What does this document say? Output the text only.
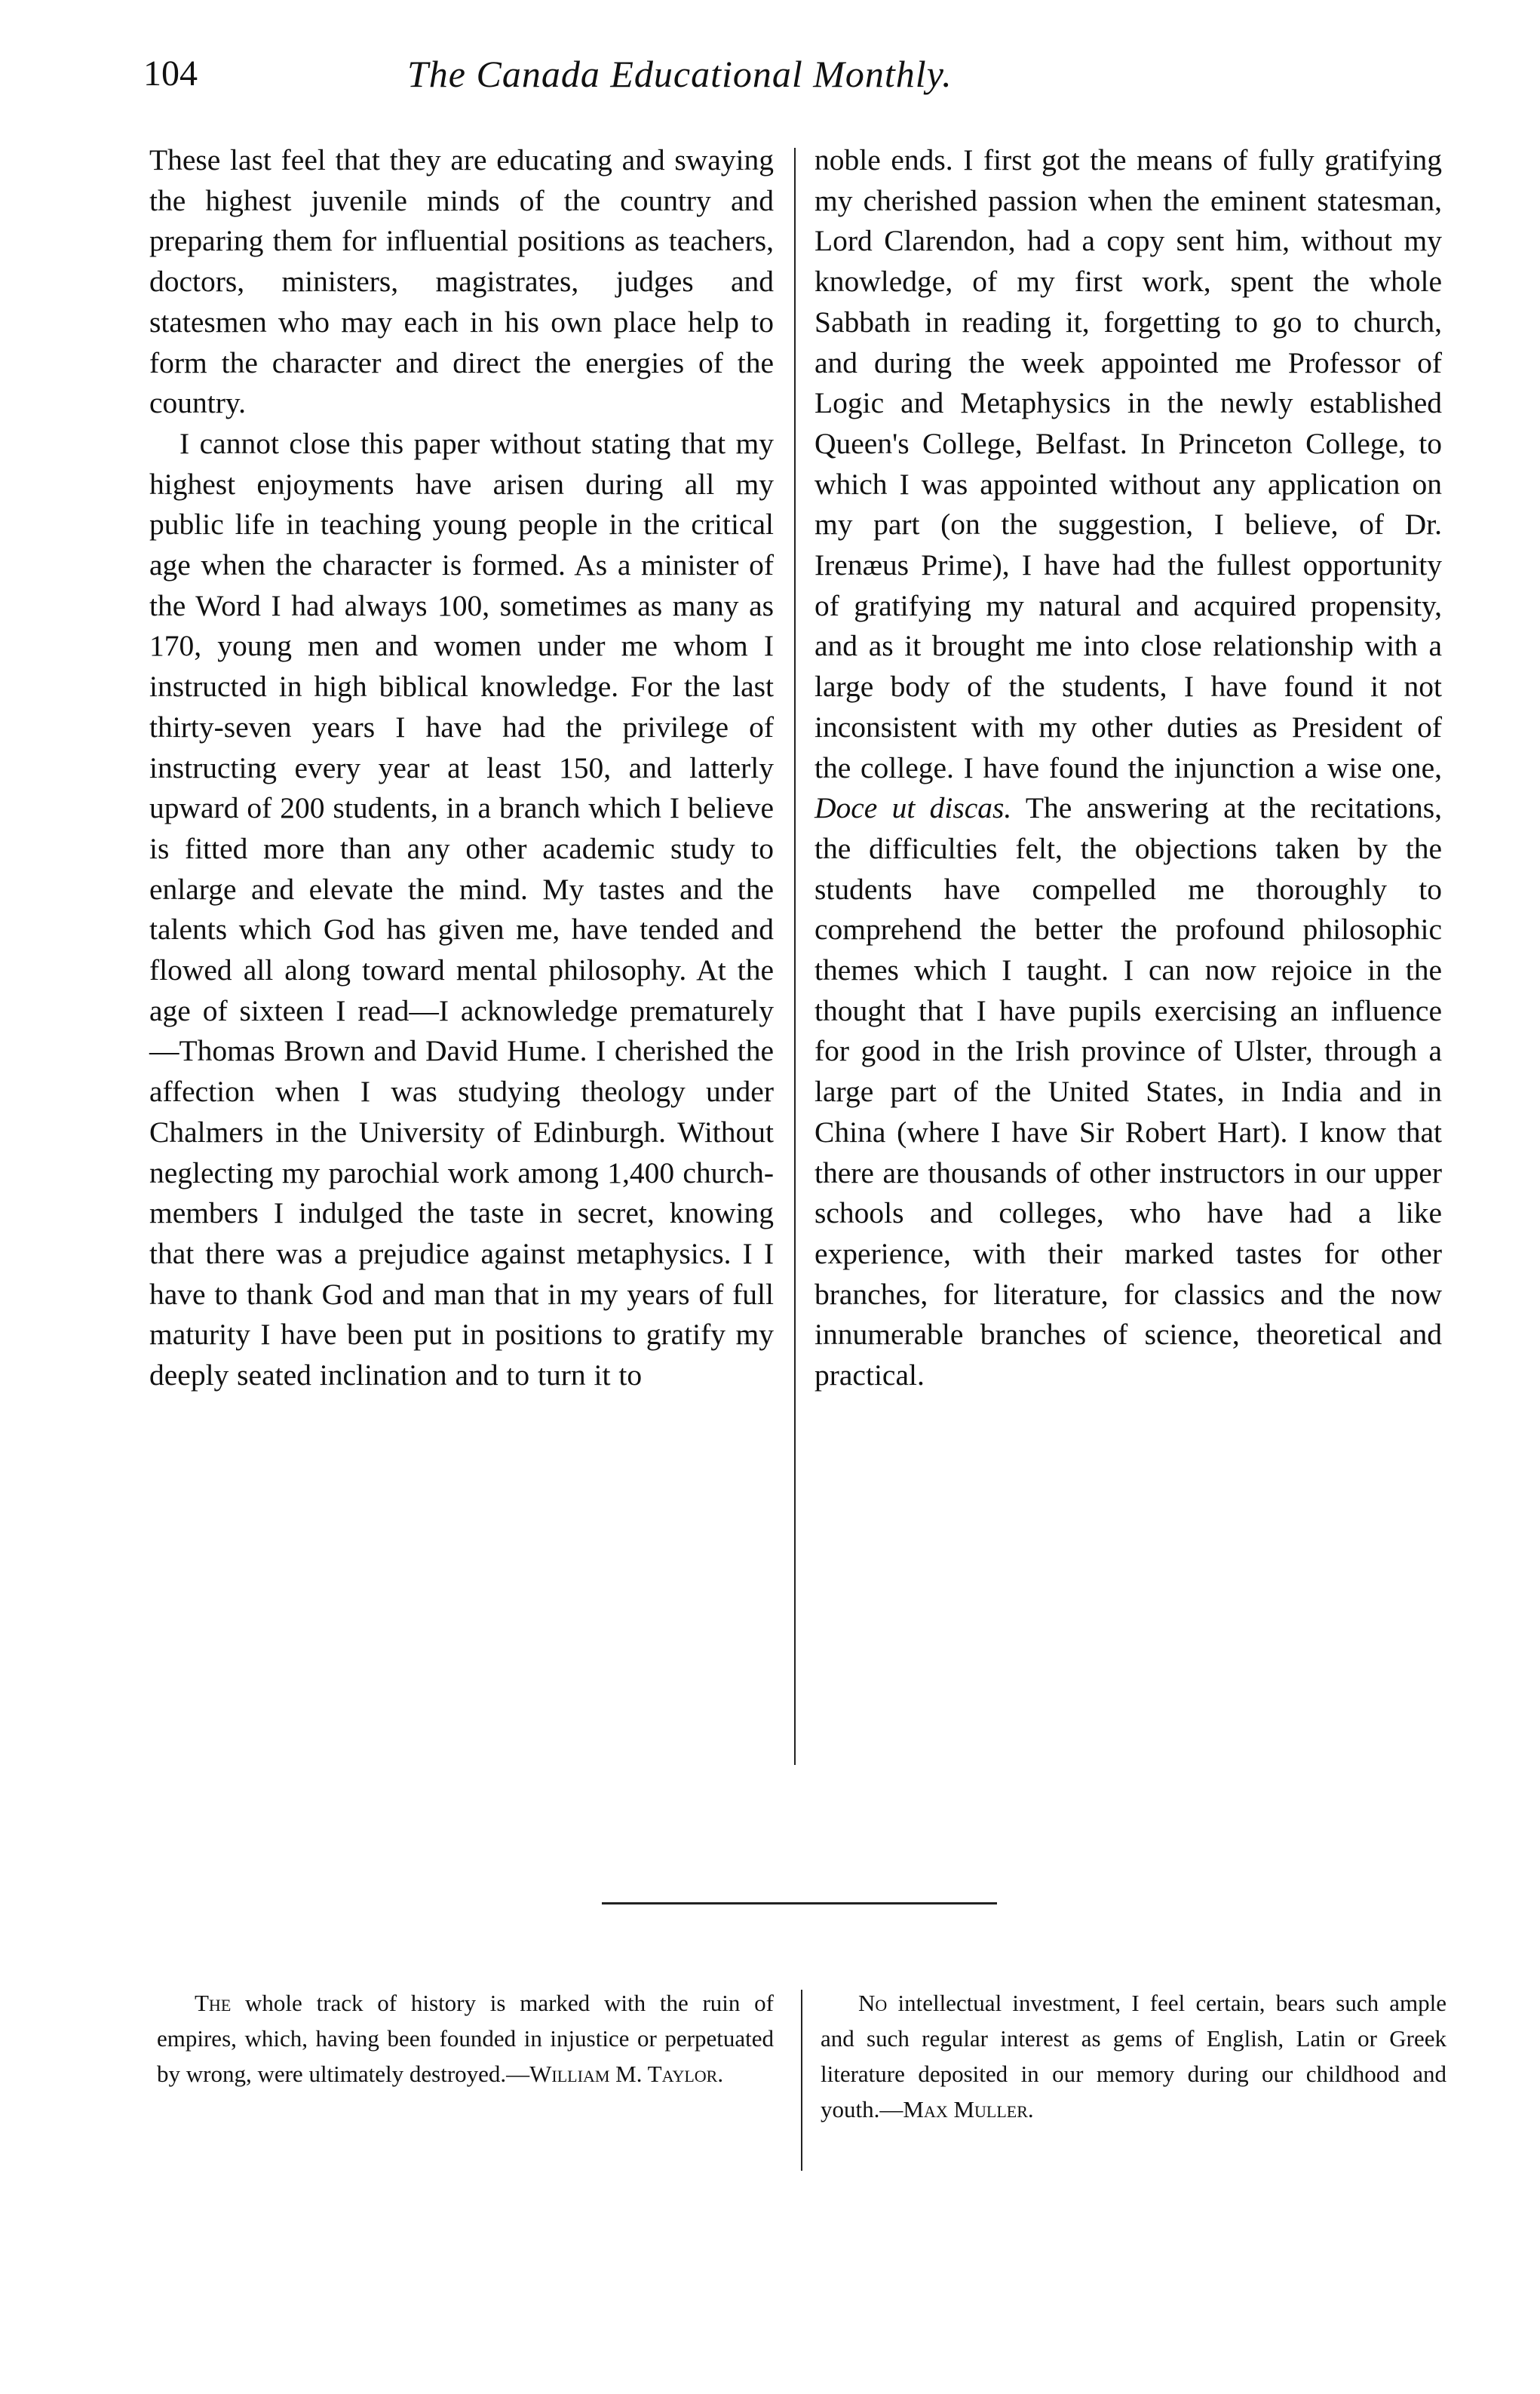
104	The Canada Educational Monthly.

These last feel that they are educating and swaying the highest juvenile minds of the country and preparing them for influential positions as teachers, doctors, ministers, magistrates, judges and statesmen who may each in his own place help to form the character and direct the energies of the country.

I cannot close this paper without stating that my highest enjoyments have arisen during all my public life in teaching young people in the critical age when the character is formed. As a minister of the Word I had always 100, sometimes as many as 170, young men and women under me whom I instructed in high biblical knowledge. For the last thirty-seven years I have had the privilege of instructing every year at least 150, and latterly upward of 200 students, in a branch which I believe is fitted more than any other academic study to enlarge and elevate the mind. My tastes and the talents which God has given me, have tended and flowed all along toward mental philosophy. At the age of sixteen I read—I acknowledge prematurely—Thomas Brown and David Hume. I cherished the affection when I was studying theology under Chalmers in the University of Edinburgh. Without neglecting my parochial work among 1,400 church-members I indulged the taste in secret, knowing that there was a prejudice against metaphysics. I I have to thank God and man that in my years of full maturity I have been put in positions to gratify my deeply seated inclination and to turn it to

noble ends. I first got the means of fully gratifying my cherished passion when the eminent statesman, Lord Clarendon, had a copy sent him, without my knowledge, of my first work, spent the whole Sabbath in reading it, forgetting to go to church, and during the week appointed me Professor of Logic and Metaphysics in the newly established Queen's College, Belfast. In Princeton College, to which I was appointed without any application on my part (on the suggestion, I believe, of Dr. Irenæus Prime), I have had the fullest opportunity of gratifying my natural and acquired propensity, and as it brought me into close relationship with a large body of the students, I have found it not inconsistent with my other duties as President of the college. I have found the injunction a wise one, Doce ut discas. The answering at the recitations, the difficulties felt, the objections taken by the students have compelled me thoroughly to comprehend the better the profound philosophic themes which I taught. I can now rejoice in the thought that I have pupils exercising an influence for good in the Irish province of Ulster, through a large part of the United States, in India and in China (where I have Sir Robert Hart). I know that there are thousands of other instructors in our upper schools and colleges, who have had a like experience, with their marked tastes for other branches, for literature, for classics and the now innumerable branches of science, theoretical and practical.

The whole track of history is marked with the ruin of empires, which, having been founded in injustice or perpetuated by wrong, were ultimately destroyed.—William M. Taylor.

No intellectual investment, I feel certain, bears such ample and such regular interest as gems of English, Latin or Greek literature deposited in our memory during our childhood and youth.—Max Muller.
